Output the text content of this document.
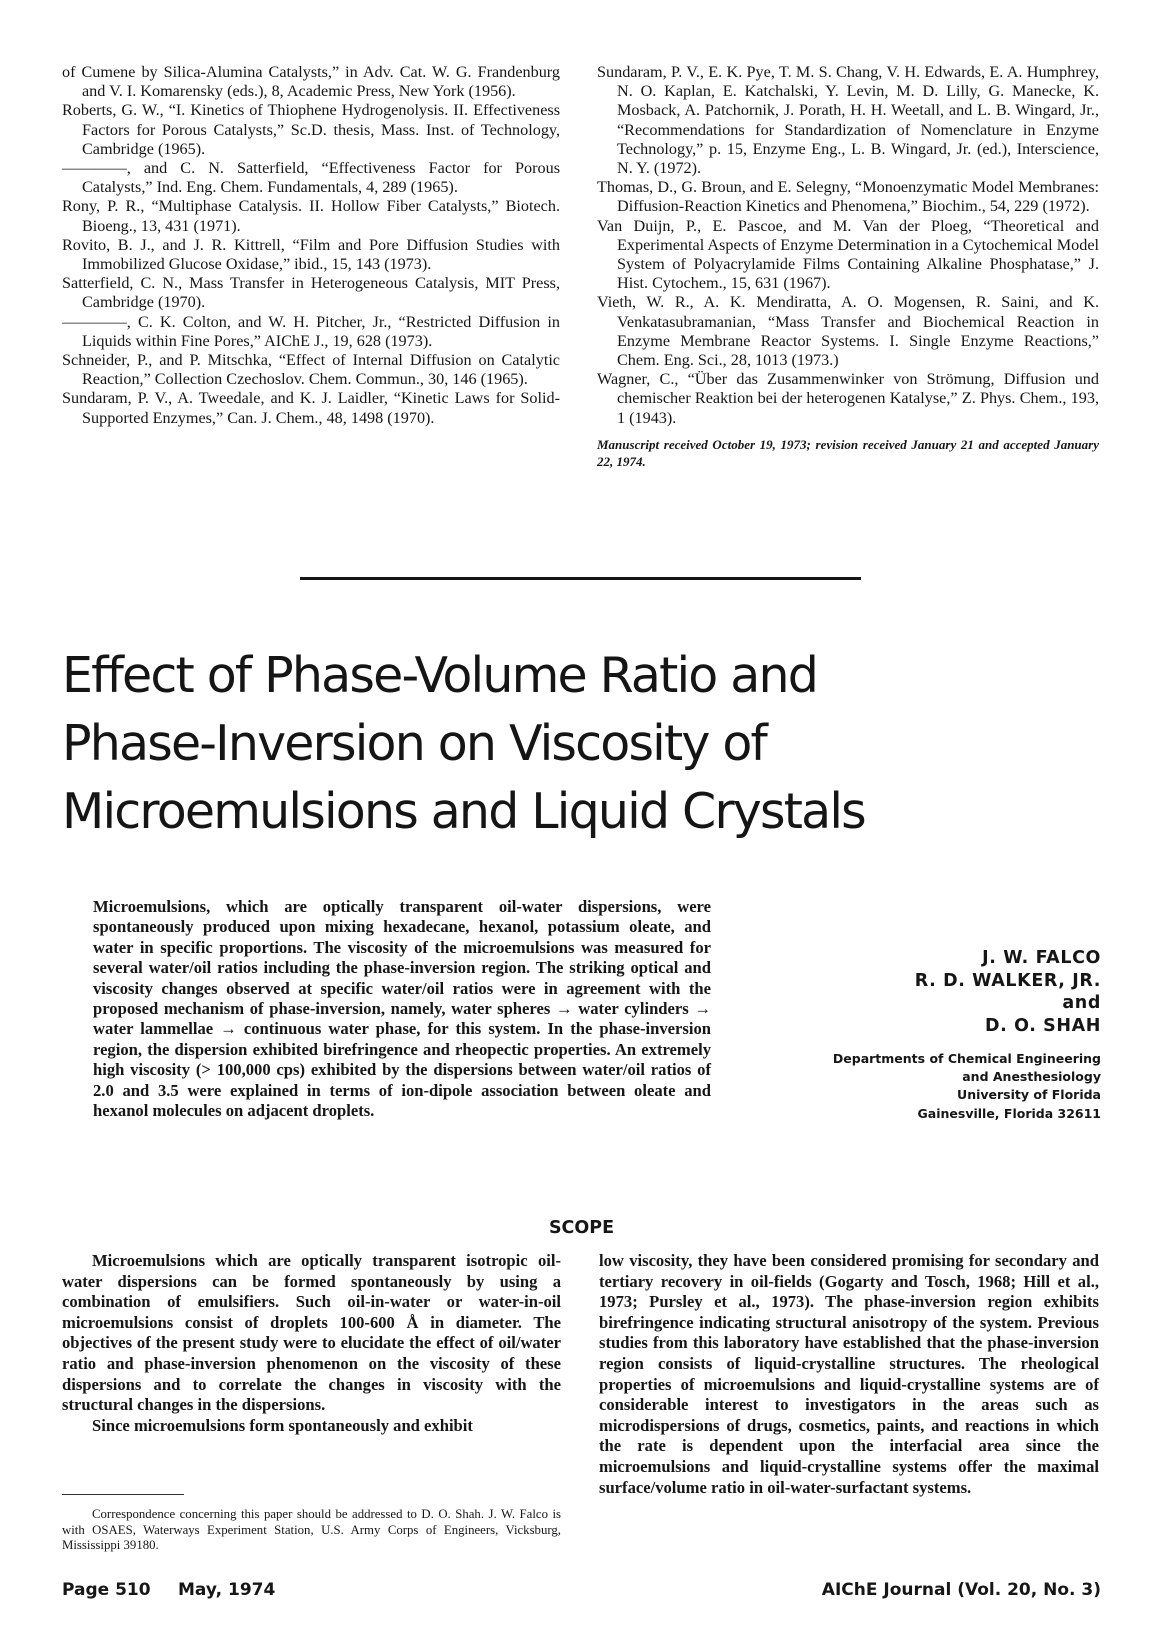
of Cumene by Silica-Alumina Catalysts,” in Adv. Cat. W. G. Frandenburg and V. I. Komarensky (eds.), 8, Academic Press, New York (1956).

Roberts, G. W., “I. Kinetics of Thiophene Hydrogenolysis. II. Effectiveness Factors for Porous Catalysts,” Sc.D. thesis, Mass. Inst. of Technology, Cambridge (1965).

————, and C. N. Satterfield, “Effectiveness Factor for Porous Catalysts,” Ind. Eng. Chem. Fundamentals, 4, 289 (1965).

Rony, P. R., “Multiphase Catalysis. II. Hollow Fiber Catalysts,” Biotech. Bioeng., 13, 431 (1971).

Rovito, B. J., and J. R. Kittrell, “Film and Pore Diffusion Studies with Immobilized Glucose Oxidase,” ibid., 15, 143 (1973).

Satterfield, C. N., Mass Transfer in Heterogeneous Catalysis, MIT Press, Cambridge (1970).

————, C. K. Colton, and W. H. Pitcher, Jr., “Restricted Diffusion in Liquids within Fine Pores,” AIChE J., 19, 628 (1973).

Schneider, P., and P. Mitschka, “Effect of Internal Diffusion on Catalytic Reaction,” Collection Czechoslov. Chem. Commun., 30, 146 (1965).

Sundaram, P. V., A. Tweedale, and K. J. Laidler, “Kinetic Laws for Solid-Supported Enzymes,” Can. J. Chem., 48, 1498 (1970).

Sundaram, P. V., E. K. Pye, T. M. S. Chang, V. H. Edwards, E. A. Humphrey, N. O. Kaplan, E. Katchalski, Y. Levin, M. D. Lilly, G. Manecke, K. Mosback, A. Patchornik, J. Porath, H. H. Weetall, and L. B. Wingard, Jr., “Recommendations for Standardization of Nomenclature in Enzyme Technology,” p. 15, Enzyme Eng., L. B. Wingard, Jr. (ed.), Interscience, N. Y. (1972).

Thomas, D., G. Broun, and E. Selegny, “Monoenzymatic Model Membranes: Diffusion-Reaction Kinetics and Phenomena,” Biochim., 54, 229 (1972).

Van Duijn, P., E. Pascoe, and M. Van der Ploeg, “Theoretical and Experimental Aspects of Enzyme Determination in a Cytochemical Model System of Polyacrylamide Films Containing Alkaline Phosphatase,” J. Hist. Cytochem., 15, 631 (1967).

Vieth, W. R., A. K. Mendiratta, A. O. Mogensen, R. Saini, and K. Venkatasubramanian, “Mass Transfer and Biochemical Reaction in Enzyme Membrane Reactor Systems. I. Single Enzyme Reactions,” Chem. Eng. Sci., 28, 1013 (1973.)

Wagner, C., “Über das Zusammenwinker von Strömung, Diffusion und chemischer Reaktion bei der heterogenen Katalyse,” Z. Phys. Chem., 193, 1 (1943).

Manuscript received October 19, 1973; revision received January 21 and accepted January 22, 1974.
Effect of Phase-Volume Ratio and
Phase-Inversion on Viscosity of
Microemulsions and Liquid Crystals
Microemulsions, which are optically transparent oil-water dispersions, were spontaneously produced upon mixing hexadecane, hexanol, potassium oleate, and water in specific proportions. The viscosity of the microemulsions was measured for several water/oil ratios including the phase-inversion region. The striking optical and viscosity changes observed at specific water/oil ratios were in agreement with the proposed mechanism of phase-inversion, namely, water spheres → water cylinders → water lammellae → continuous water phase, for this system. In the phase-inversion region, the dispersion exhibited birefringence and rheopectic properties. An extremely high viscosity (> 100,000 cps) exhibited by the dispersions between water/oil ratios of 2.0 and 3.5 were explained in terms of ion-dipole association between oleate and hexanol molecules on adjacent droplets.
J. W. FALCO
R. D. WALKER, JR.
and
D. O. SHAH
Departments of Chemical Engineering
and Anesthesiology
University of Florida
Gainesville, Florida 32611
SCOPE

Microemulsions which are optically transparent isotropic oil-water dispersions can be formed spontaneously by using a combination of emulsifiers. Such oil-in-water or water-in-oil microemulsions consist of droplets 100-600 Å in diameter. The objectives of the present study were to elucidate the effect of oil/water ratio and phase-inversion phenomenon on the viscosity of these dispersions and to correlate the changes in viscosity with the structural changes in the dispersions.

Since microemulsions form spontaneously and exhibit

low viscosity, they have been considered promising for secondary and tertiary recovery in oil-fields (Gogarty and Tosch, 1968; Hill et al., 1973; Pursley et al., 1973). The phase-inversion region exhibits birefringence indicating structural anisotropy of the system. Previous studies from this laboratory have established that the phase-inversion region consists of liquid-crystalline structures. The rheological properties of microemulsions and liquid-crystalline systems are of considerable interest to investigators in the areas such as microdispersions of drugs, cosmetics, paints, and reactions in which the rate is dependent upon the interfacial area since the microemulsions and liquid-crystalline systems offer the maximal surface/volume ratio in oil-water-surfactant systems.

Correspondence concerning this paper should be addressed to D. O. Shah. J. W. Falco is with OSAES, Waterways Experiment Station, U.S. Army Corps of Engineers, Vicksburg, Mississippi 39180.
Page 510 May, 1974	AIChE Journal (Vol. 20, No. 3)
